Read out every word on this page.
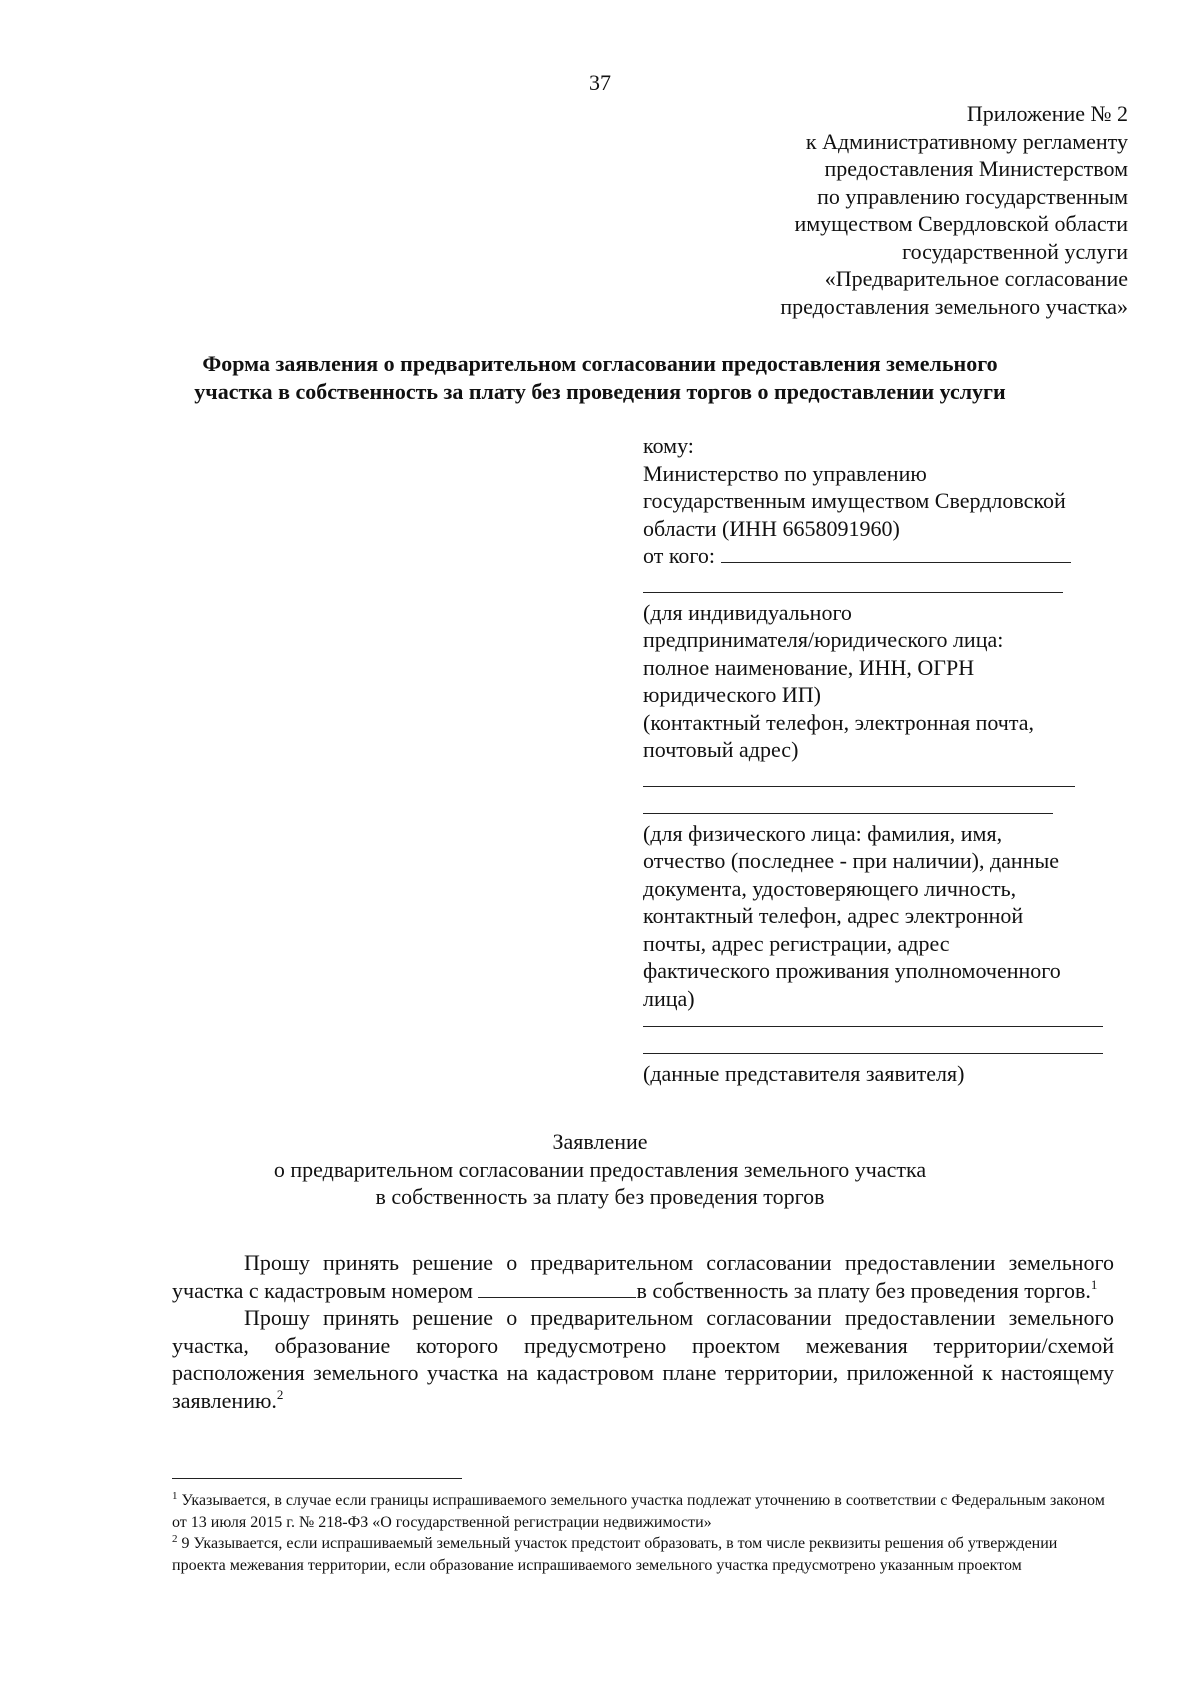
37
Приложение № 2
к Административному регламенту
предоставления Министерством
по управлению государственным
имуществом Свердловской области
государственной услуги
«Предварительное согласование
предоставления земельного участка»
Форма заявления о предварительном согласовании предоставления земельного
участка в собственность за плату без проведения торгов о предоставлении услуги
кому:
Министерство по управлению
государственным имуществом Свердловской
области (ИНН 6658091960)
от кого:
(для индивидуального
предпринимателя/юридического лица:
полное наименование, ИНН, ОГРН
юридического ИП)
(контактный телефон, электронная почта,
почтовый адрес)
(для физического лица: фамилия, имя,
отчество (последнее - при наличии), данные
документа, удостоверяющего личность,
контактный телефон, адрес электронной
почты, адрес регистрации, адрес
фактического проживания уполномоченного
лица)
(данные представителя заявителя)
Заявление
о предварительном согласовании предоставления земельного участка
в собственность за плату без проведения торгов

Прошу принять решение о предварительном согласовании предоставлении земельного участка с кадастровым номером	в собственность за плату без проведения торгов.$^1$

Прошу принять решение о предварительном согласовании предоставлении земельного участка, образование которого предусмотрено проектом межевания территории/схемой расположения земельного участка на кадастровом плане территории, приложенной к настоящему заявлению.$^2$

$^1$ Указывается, в случае если границы испрашиваемого земельного участка подлежат уточнению в соответствии с Федеральным законом от 13 июля 2015 г. № 218-ФЗ «О государственной регистрации недвижимости»

$^2$ 9 Указывается, если испрашиваемый земельный участок предстоит образовать, в том числе реквизиты решения об утверждении проекта межевания территории, если образование испрашиваемого земельного участка предусмотрено указанным проектом
